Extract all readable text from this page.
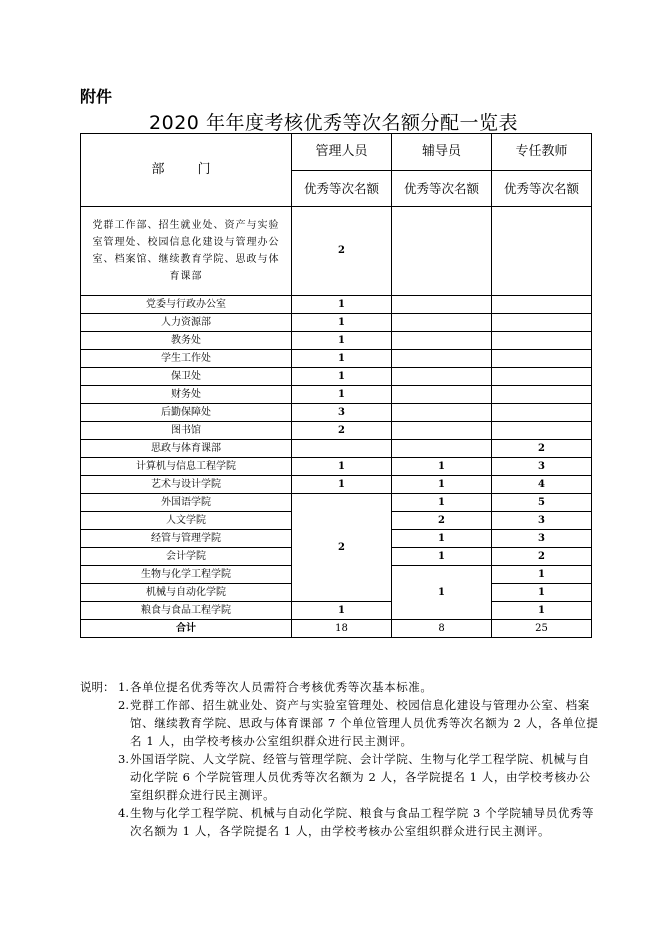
附件
2020 年年度考核优秀等次名额分配一览表
部　门	管理人员	辅导员	专任教师
	优秀等次名额	优秀等次名额	优秀等次名额
党群工作部、招生就业处、资产与实验室管理处、校园信息化建设与管理办公室、档案馆、继续教育学院、思政与体育课部	2		
党委与行政办公室	1		
人力资源部	1		
教务处	1		
学生工作处	1		
保卫处	1		
财务处	1		
后勤保障处	3		
图书馆	2		
思政与体育课部			2
计算机与信息工程学院	1	1	3
艺术与设计学院	1	1	4
外国语学院	2	1	5
人文学院		2	3
经管与管理学院		1	3
会计学院		1	2
生物与化学工程学院		1	1
机械与自动化学院			1
粮食与食品工程学院	1		1
合计	18	8	25
说明： 1. 各单位提名优秀等次人员需符合考核优秀等次基本标准。
2. 党群工作部、招生就业处、资产与实验室管理处、校园信息化建设与管理办公室、档案馆、继续教育学院、思政与体育课部 7 个单位管理人员优秀等次名额为 2 人，各单位提名 1 人，由学校考核办公室组织群众进行民主测评。
3. 外国语学院、人文学院、经管与管理学院、会计学院、生物与化学工程学院、机械与自动化学院 6 个学院管理人员优秀等次名额为 2 人，各学院提名 1 人，由学校考核办公室组织群众进行民主测评。
4. 生物与化学工程学院、机械与自动化学院、粮食与食品工程学院 3 个学院辅导员优秀等次名额为 1 人，各学院提名 1 人，由学校考核办公室组织群众进行民主测评。
